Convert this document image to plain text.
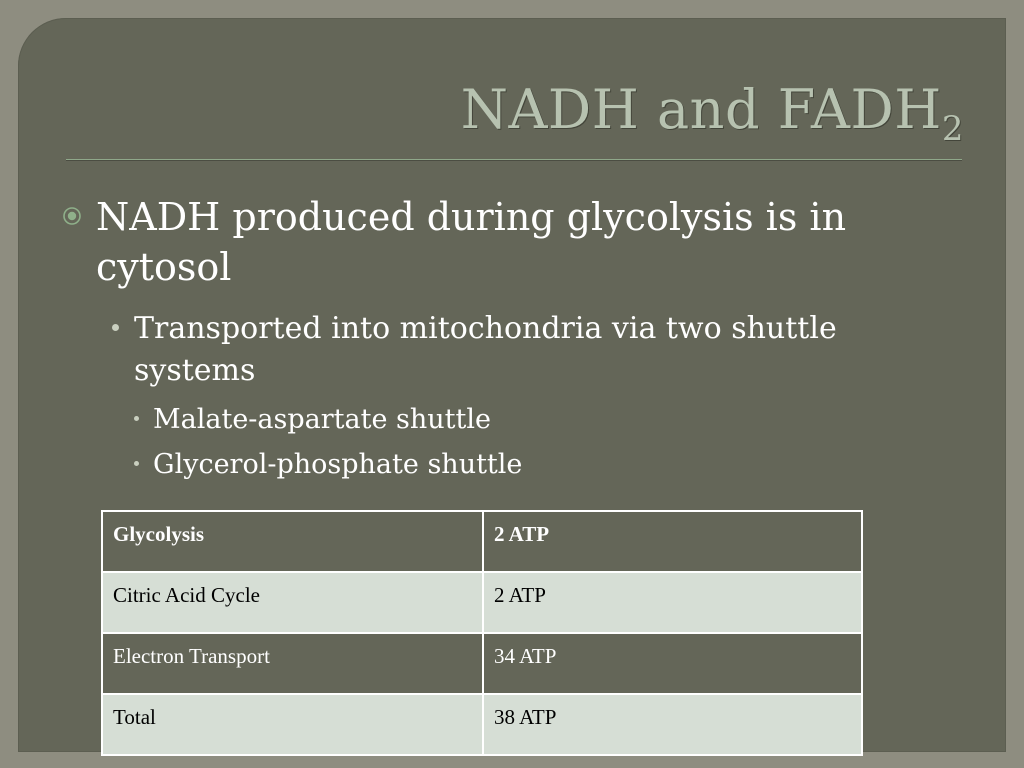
NADH and $FADH_2$
NADH produced during glycolysis is in
cytosol
Transported into mitochondria via two shuttle
systems
Malate-aspartate shuttle
Glycerol-phosphate shuttle
Glycolysis	2 ATP
Citric Acid Cycle	2 ATP
Electron Transport	34 ATP
Total	38 ATP
